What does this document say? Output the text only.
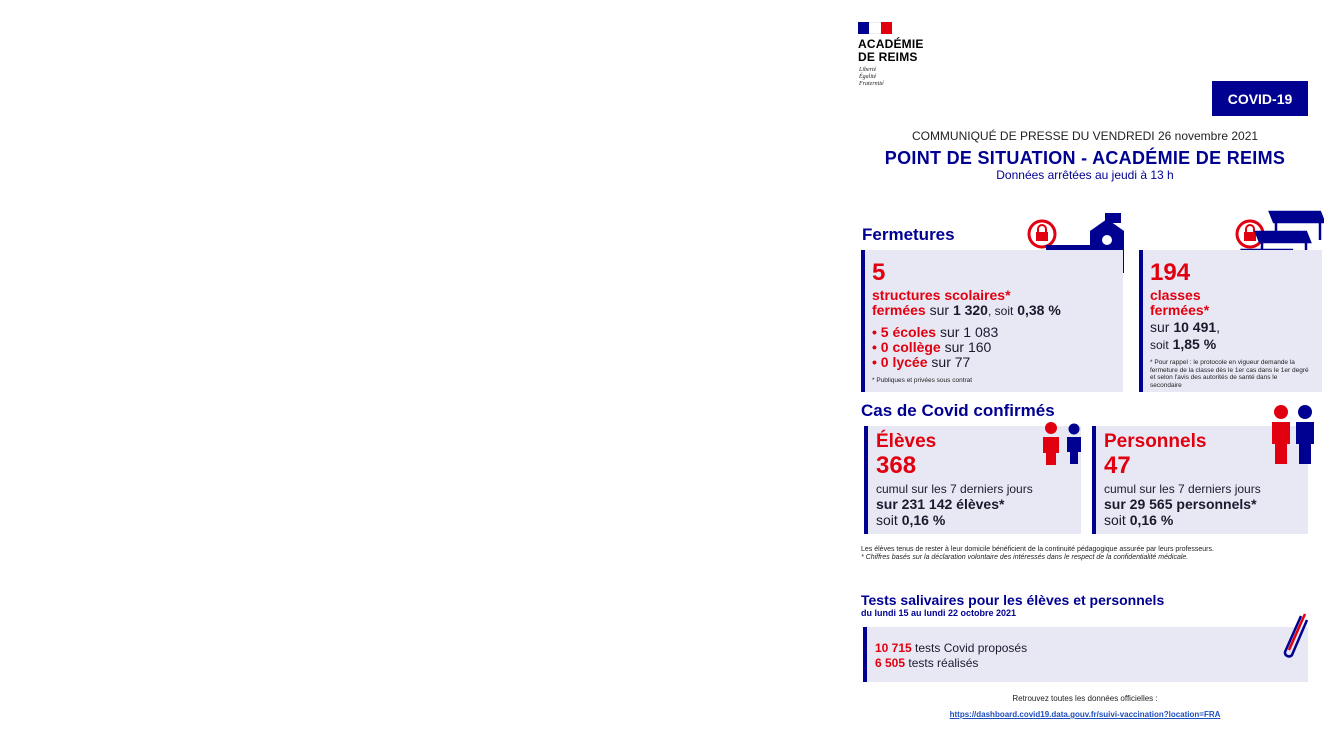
ACADÉMIE
DE REIMS
Liberté
Égalité
Fraternité
COVID-19
COMMUNIQUÉ DE PRESSE DU VENDREDI 26 novembre 2021
POINT DE SITUATION - ACADÉMIE DE REIMS
Données arrêtées au jeudi à 13 h
Fermetures
5
structures scolaires*
fermées sur 1 320, soit 0,38 %
• 5 écoles sur 1 083
• 0 collège sur 160
• 0 lycée sur 77
* Publiques et privées sous contrat
194
classes
fermées*
sur 10 491,
soit 1,85 %
* Pour rappel : le protocole en vigueur demande la fermeture de la classe dès le 1er cas dans le 1er degré et selon l'avis des autorités de santé dans le secondaire
Cas de Covid confirmés
Élèves
368
cumul sur les 7 derniers jours
sur 231 142 élèves*
soit 0,16 %
Personnels
47
cumul sur les 7 derniers jours
sur 29 565 personnels*
soit 0,16 %
Les élèves tenus de rester à leur domicile bénéficient de la continuité pédagogique assurée par leurs professeurs.
* Chiffres basés sur la déclaration volontaire des intéressés dans le respect de la confidentialité médicale.
Tests salivaires pour les élèves et personnels
du lundi 15 au lundi 22 octobre 2021
10 715 tests Covid proposés
6 505 tests réalisés
Retrouvez toutes les données officielles :
https://dashboard.covid19.data.gouv.fr/suivi-vaccination?location=FRA
